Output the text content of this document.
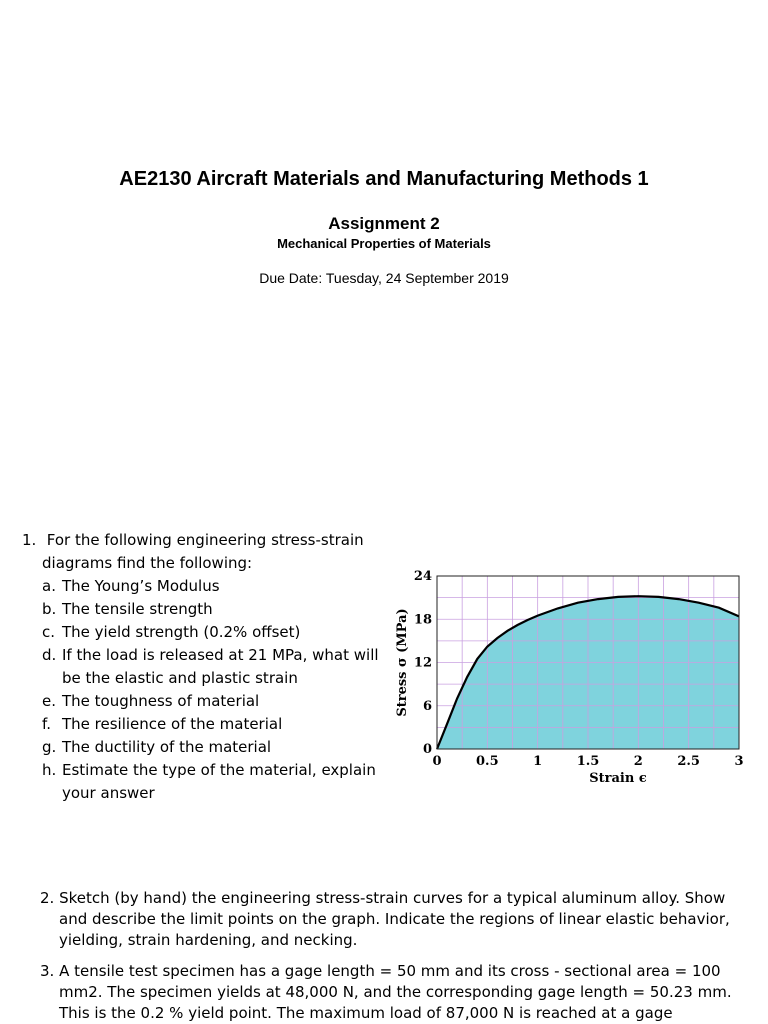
AE2130 Aircraft Materials and Manufacturing Methods 1
Assignment 2
Mechanical Properties of Materials
Due Date: Tuesday, 24 September 2019
1. For the following engineering stress-strain diagrams find the following:
a. The Young’s Modulus
b. The tensile strength
c. The yield strength (0.2% offset)
d. If the load is released at 21 MPa, what will be the elastic and plastic strain
e. The toughness of material
f. The resilience of the material
g. The ductility of the material
h. Estimate the type of the material, explain your answer
0	0.5	1	1.5	2	2.5	3
0
6
12
18
24
Strain ϵ
Stress σ (MPa)

2. Sketch (by hand) the engineering stress-strain curves for a typical aluminum alloy. Show and describe the limit points on the graph. Indicate the regions of linear elastic behavior, yielding, strain hardening, and necking.

3. A tensile test specimen has a gage length = 50 mm and its cross - sectional area = 100 mm2. The specimen yields at 48,000 N, and the corresponding gage length = 50.23 mm. This is the 0.2 % yield point. The maximum load of 87,000 N is reached at a gage
